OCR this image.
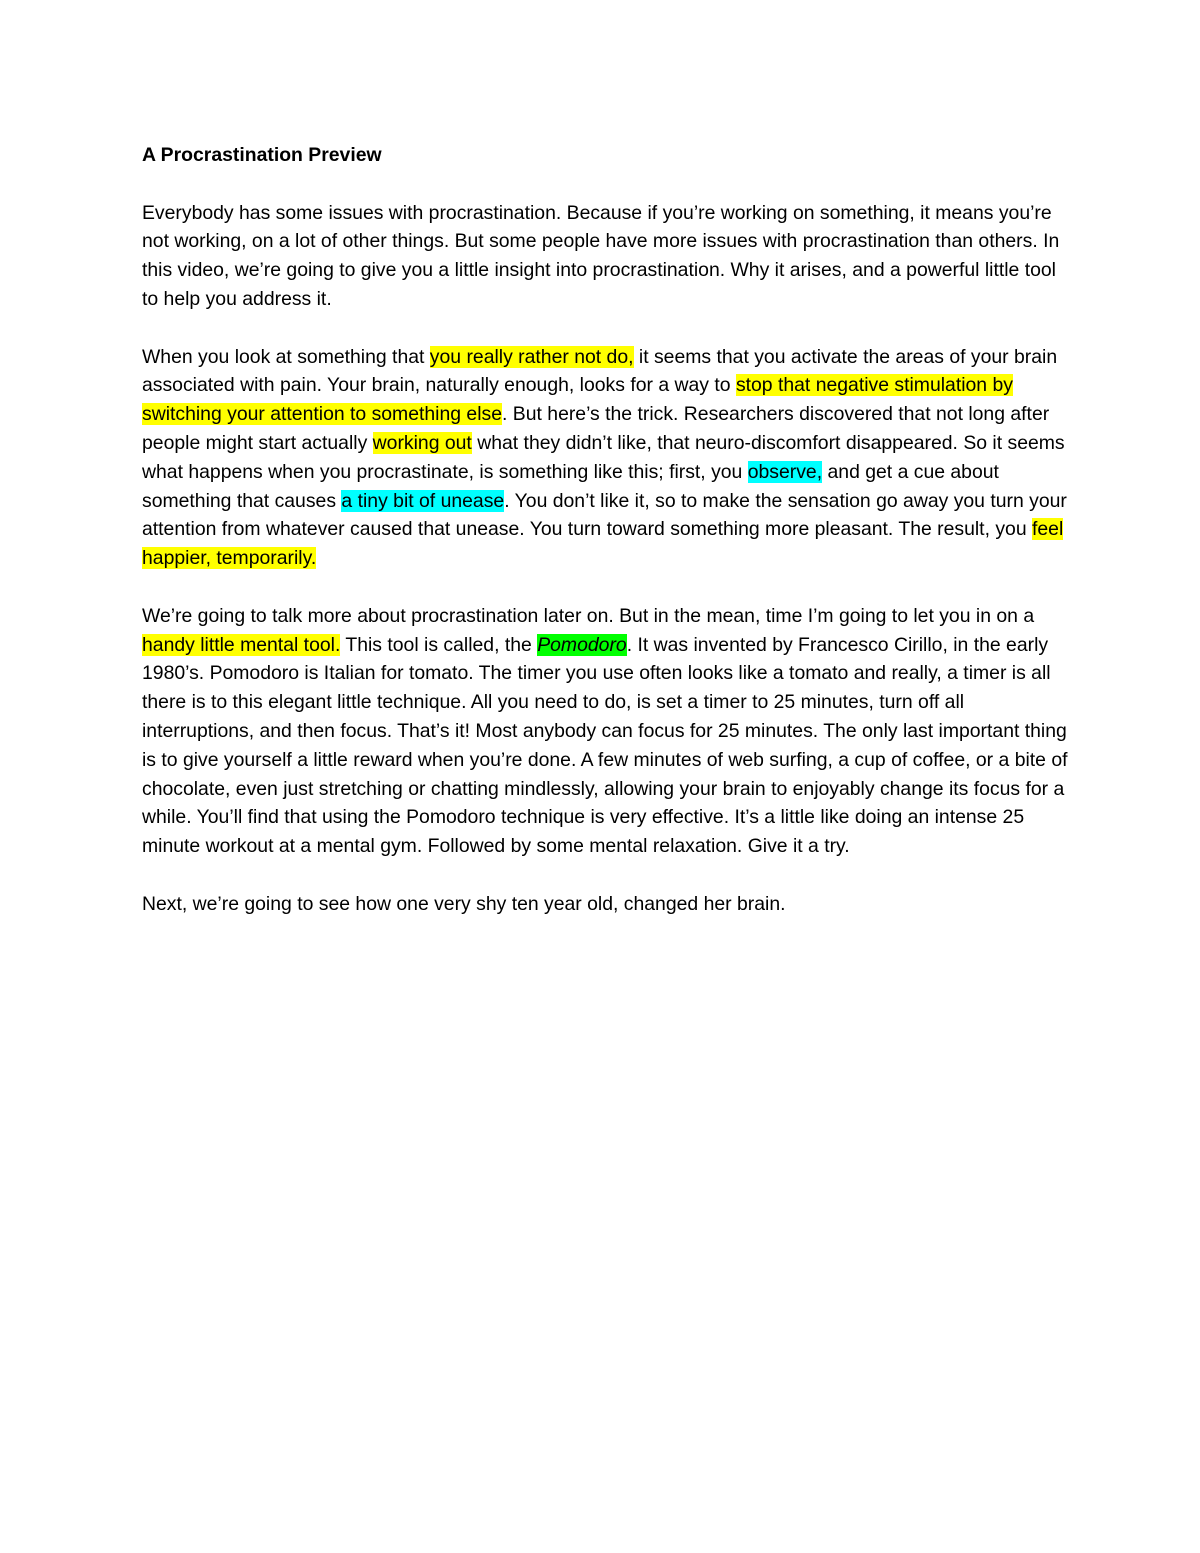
A Procrastination Preview
Everybody has some issues with procrastination. Because if you’re working on something, it means you’re not working, on a lot of other things. But some people have more issues with procrastination than others. In this video, we’re going to give you a little insight into procrastination. Why it arises, and a powerful little tool to help you address it.
When you look at something that you really rather not do, it seems that you activate the areas of your brain associated with pain. Your brain, naturally enough, looks for a way to stop that negative stimulation by switching your attention to something else. But here’s the trick. Researchers discovered that not long after people might start actually working out what they didn’t like, that neuro-discomfort disappeared. So it seems what happens when you procrastinate, is something like this; first, you observe, and get a cue about something that causes a tiny bit of unease. You don’t like it, so to make the sensation go away you turn your attention from whatever caused that unease. You turn toward something more pleasant. The result, you feel happier, temporarily.
We’re going to talk more about procrastination later on. But in the mean, time I’m going to let you in on a handy little mental tool. This tool is called, the Pomodoro. It was invented by Francesco Cirillo, in the early 1980’s. Pomodoro is Italian for tomato. The timer you use often looks like a tomato and really, a timer is all there is to this elegant little technique. All you need to do, is set a timer to 25 minutes, turn off all interruptions, and then focus. That’s it! Most anybody can focus for 25 minutes. The only last important thing is to give yourself a little reward when you’re done. A few minutes of web surfing, a cup of coffee, or a bite of chocolate, even just stretching or chatting mindlessly, allowing your brain to enjoyably change its focus for a while. You’ll find that using the Pomodoro technique is very effective. It’s a little like doing an intense 25 minute workout at a mental gym. Followed by some mental relaxation. Give it a try.
Next, we’re going to see how one very shy ten year old, changed her brain.
